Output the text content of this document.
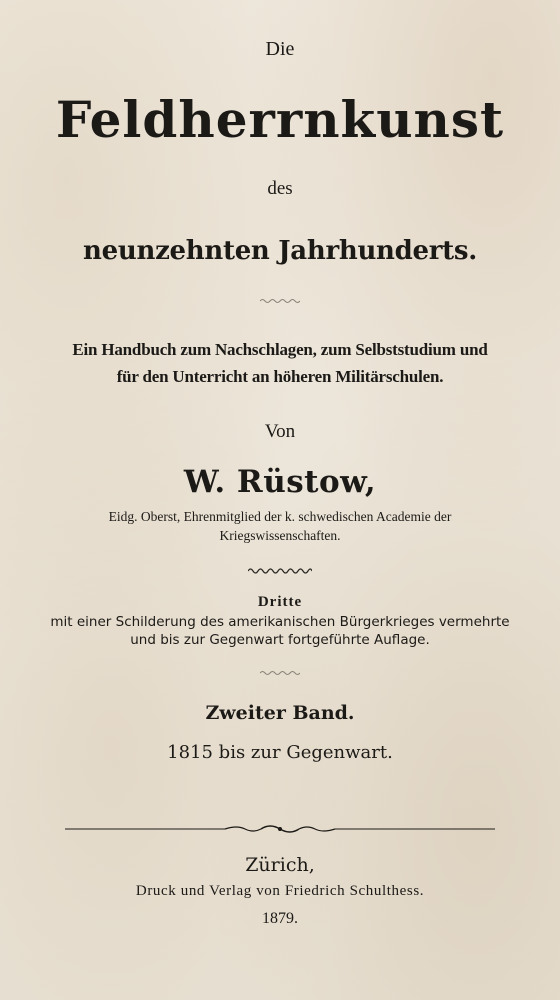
Die
Feldherrnkunst
des
neunzehnten Jahrhunderts.
Ein Handbuch zum Nachschlagen, zum Selbststudium und
für den Unterricht an höheren Militärschulen.
Von
W. Rüstow,
Eidg. Oberst, Ehrenmitglied der k. schwedischen Academie der
Kriegswissenschaften.
Dritte
mit einer Schilderung des amerikanischen Bürgerkrieges vermehrte
und bis zur Gegenwart fortgeführte Auflage.
Zweiter Band.
1815 bis zur Gegenwart.
Zürich,
Druck und Verlag von Friedrich Schulthess.
1879.
